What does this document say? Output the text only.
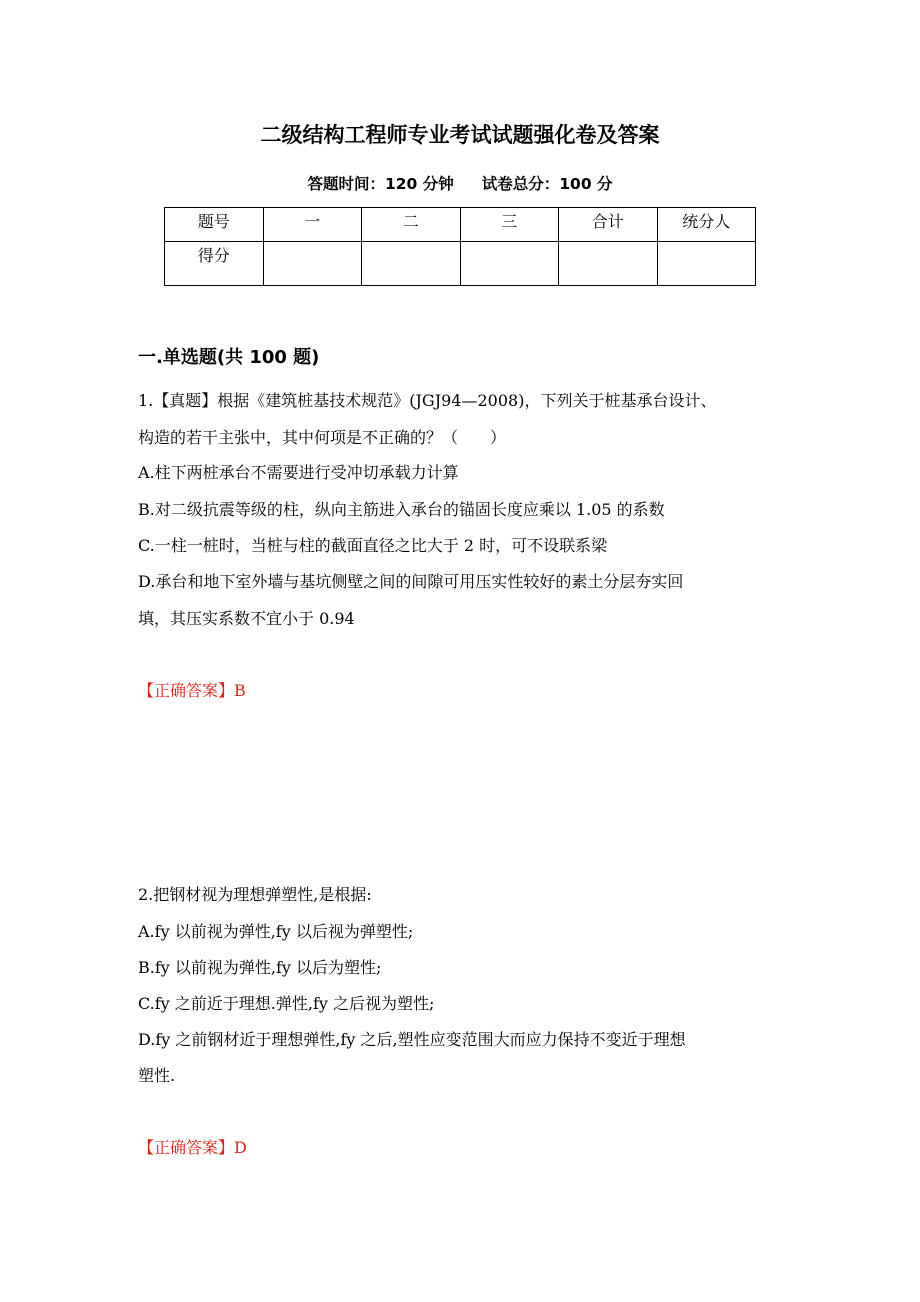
二级结构工程师专业考试试题强化卷及答案
答题时间：120 分钟 试卷总分：100 分
题号	一	二	三	合计	统分人
得分					
一.单选题(共 100 题)
1.【真题】根据《建筑桩基技术规范》(JGJ94—2008)，下列关于桩基承台设计、
构造的若干主张中，其中何项是不正确的？（　　）
A.柱下两桩承台不需要进行受冲切承载力计算
B.对二级抗震等级的柱，纵向主筋进入承台的锚固长度应乘以 1.05 的系数
C.一柱一桩时，当桩与柱的截面直径之比大于 2 时，可不设联系梁
D.承台和地下室外墙与基坑侧壁之间的间隙可用压实性较好的素土分层夯实回
填，其压实系数不宜小于 0.94
【正确答案】B
2.把钢材视为理想弹塑性,是根据:
A.fy 以前视为弹性,fy 以后视为弹塑性;
B.fy 以前视为弹性,fy 以后为塑性;
C.fy 之前近于理想.弹性,fy 之后视为塑性;
D.fy 之前钢材近于理想弹性,fy 之后,塑性应变范围大而应力保持不变近于理想
塑性.
【正确答案】D
